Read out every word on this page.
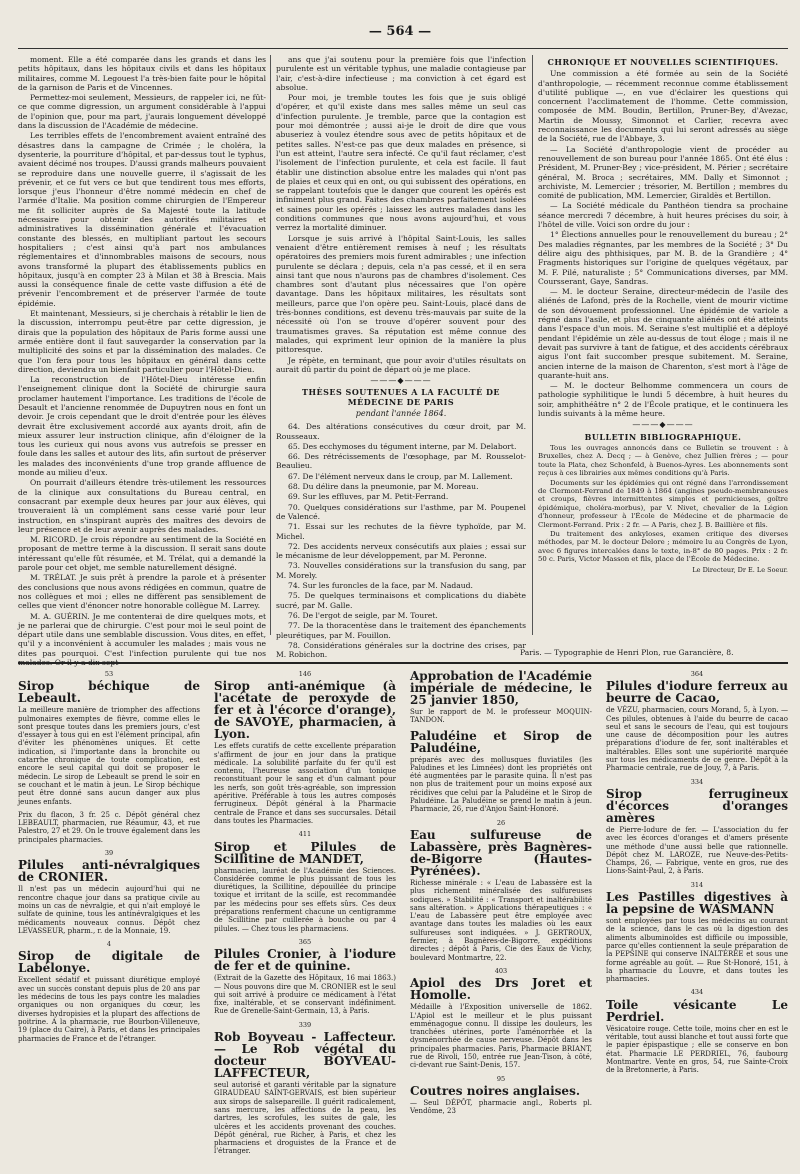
— 564 —

moment. Elle a été comparée dans les grands et dans les petits hôpitaux, dans les hôpitaux civils et dans les hôpitaux militaires, comme M. Legouest l'a très-bien faite pour le hôpital de la garnison de Paris et de Vincennes.

Permettez-moi seulement, Messieurs, de rappeler ici, ne fût-ce que comme digression, un argument considérable à l'appui de l'opinion que, pour ma part, j'aurais longuement développé dans la discussion de l'Académie de médecine.

Les terribles effets de l'encombrement avaient entraîné des désastres dans la campagne de Crimée ; le choléra, la dysenterie, la pourriture d'hôpital, et par-dessus tout le typhus, avaient décimé nos troupes. D'aussi grands malheurs pouvaient se reproduire dans une nouvelle guerre, il s'agissait de les prévenir, et ce fut vers ce but que tendirent tous mes efforts, lorsque j'eus l'honneur d'être nommé médecin en chef de l'armée d'Italie. Ma position comme chirurgien de l'Empereur me fit solliciter auprès de Sa Majesté toute la latitude nécessaire pour obtenir des autorités militaires et administratives la dissémination générale et l'évacuation constante des blessés, en multipliant partout les secours hospitaliers ; c'est ainsi qu'à part nos ambulances réglementaires et d'innombrables maisons de secours, nous avons transformé la plupart des établissements publics en hôpitaux, jusqu'à en compter 23 à Milan et 38 à Brescia. Mais aussi la conséquence finale de cette vaste diffusion a été de prévenir l'encombrement et de préserver l'armée de toute épidémie.

Et maintenant, Messieurs, si je cherchais à rétablir le lien de la discussion, interrompu peut-être par cette digression, je dirais que la population des hôpitaux de Paris forme aussi une armée entière dont il faut sauvegarder la conservation par la multiplicité des soins et par la dissémination des malades. Ce que l'on fera pour tous les hôpitaux en général dans cette direction, deviendra un bienfait particulier pour l'Hôtel-Dieu.

La reconstruction de l'Hôtel-Dieu intéresse enfin l'enseignement clinique dont la Société de chirurgie saura proclamer hautement l'importance. Les traditions de l'école de Desault et l'ancienne renommée de Dupuytren nous en font un devoir. Je crois cependant que le droit d'entrée pour les élèves devrait être exclusivement accordé aux ayants droit, afin de mieux assurer leur instruction clinique, afin d'éloigner de la tous les curieux qui nous avons vus autrefois se presser en foule dans les salles et autour des lits, afin surtout de préserver les malades des inconvénients d'une trop grande affluence de monde au milieu d'eux.

On pourrait d'ailleurs étendre très-utilement les ressources de la clinique aux consultations du Bureau central, en consacrant par exemple deux heures par jour aux élèves, qui trouveraient là un complément sans cesse varié pour leur instruction, en s'inspirant auprès des maîtres des devoirs de leur présence et de leur avenir auprès des malades.

M. RICORD. Je crois répondre au sentiment de la Société en proposant de mettre terme à la discussion. Il serait sans doute intéressant qu'elle fût résumée, et M. Trélat, qui a demandé la parole pour cet objet, me semble naturellement désigné.

M. TRÉLAT. Je suis prêt à prendre la parole et à présenter des conclusions que nous avons rédigées en commun, quatre de nos collègues et moi ; elles ne diffèrent pas sensiblement de celles que vient d'énoncer notre honorable collègue M. Larrey.

M. A. GUÉRIN. Je me contenterai de dire quelques mots, et je ne parlerai que de chirurgie. C'est pour moi le seul point de départ utile dans une semblable discussion. Vous dites, en effet, qu'il y a inconvénient à accumuler les malades ; mais vous ne dites pas pourquoi. C'est l'infection purulente qui tue nos

ans que j'ai soutenu pour la première fois que l'infection purulente est un véritable typhus, une maladie contagieuse par l'air, c'est-à-dire infectieuse ; ma conviction à cet égard est absolue.

Pour moi, je tremble toutes les fois que je suis obligé d'opérer, et qu'il existe dans mes salles même un seul cas d'infection purulente. Je tremble, parce que la contagion est pour moi démontrée ; aussi ai-je le droit de dire que vous abuseriez à voulez étendre sous avec de petits hôpitaux et de petites salles. N'est-ce pas que deux malades en présence, si l'un est atteint, l'autre sera infecté. Ce qu'il faut réclamer, c'est l'isolement de l'infection purulente, et cela est facile. Il faut établir une distinction absolue entre les malades qui n'ont pas de plaies et ceux qui en ont, ou qui subissent des opérations, en se rappelant toutefois que le danger que courent les opérés est infiniment plus grand. Faites des chambres parfaitement isolées et saines pour les opérés ; laissez les autres malades dans les conditions communes que nous avons aujourd'hui, et vous verrez la mortalité diminuer.

Lorsque je suis arrivé à l'hôpital Saint-Louis, les salles venaient d'être entièrement remises à neuf ; les résultats opératoires des premiers mois furent admirables ; une infection purulente se déclara ; depuis, cela n'a pas cessé, et il en sera ainsi tant que nous n'aurons pas de chambres d'isolement. Ces chambres sont d'autant plus nécessaires que l'on opère davantage. Dans les hôpitaux militaires, les résultats sont meilleurs, parce que l'on opère peu. Saint-Louis, placé dans de très-bonnes conditions, est devenu très-mauvais par suite de la nécessité où l'on se trouve d'opérer souvent pour des traumatismes graves. Sa réputation est même connue des malades, qui expriment leur opinion de la manière la plus pittoresque.

Je répète, en terminant, que pour avoir d'utiles résultats on aurait dû partir du point de départ où je me place.

———◆———
THÈSES SOUTENUES A LA FACULTÉ DE MÉDECINE DE PARIS
pendant l'année 1864.

64. Des altérations consécutives du cœur droit, par M. Rousseaux.

65. Des ecchymoses du tégument interne, par M. Delabort.

66. Des rétrécissements de l'œsophage, par M. Rousselot-Beaulieu.

67. De l'élément nerveux dans le croup, par M. Lallement.

68. Du délire dans la pneumonie, par M. Moreau.

69. Sur les effluves, par M. Petit-Ferrand.

70. Quelques considérations sur l'asthme, par M. Poupenel de Valencé.

71. Essai sur les rechutes de la fièvre typhoïde, par M. Michel.

72. Des accidents nerveux consécutifs aux plaies ; essai sur le mécanisme de leur développement, par M. Peronne.

73. Nouvelles considérations sur la transfusion du sang, par M. Morely.

74. Sur les furoncles de la face, par M. Nadaud.

75. De quelques terminaisons et complications du diabète sucré, par M. Galle.

76. De l'ergot de seigle, par M. Touret.

77. De la thoracentèse dans le traitement des épanchements pleurétiques, par M. Fouillon.

78. Considérations générales sur la doctrine des crises, par M. Robichon.

CHRONIQUE ET NOUVELLES SCIENTIFIQUES.

Une commission a été formée au sein de la Société d'anthropologie, — récemment reconnue comme établissement d'utilité publique —, en vue d'éclairer les questions qui concernent l'acclimatement de l'homme. Cette commission, composée de MM. Boudin, Bertillon, Pruner-Bey, d'Avezac, Martin de Moussy, Simonnot et Carlier, recevra avec reconnaissance les documents qui lui seront adressés au siège de la Société, rue de l'Abbaye, 3.

— La Société d'anthropologie vient de procéder au renouvellement de son bureau pour l'année 1865. Ont été élus : Président, M. Pruner-Bey ; vice-président, M. Périer ; secrétaire général, M. Broca ; secrétaires, MM. Dally et Simonnot ; archiviste, M. Lemercier ; trésorier, M. Bertillon ; membres du comité de publication, MM. Lemercier, Giraldès et Bertillon.

— La Société médicale du Panthéon tiendra sa prochaine séance mercredi 7 décembre, à huit heures précises du soir, à l'hôtel de ville. Voici son ordre du jour :

1° Élections annuelles pour le renouvellement du bureau ; 2° Des maladies régnantes, par les membres de la Société ; 3° Du délire aigu des phthisiques, par M. B. de la Grandière ; 4° Fragments historiques sur l'origine de quelques végétaux, par M. F. Pilé, naturaliste ; 5° Communications diverses, par MM. Coursserant, Gaye, Sandras.

— M. le docteur Seraine, directeur-médecin de l'asile des aliénés de Lafond, près de la Rochelle, vient de mourir victime de son dévouement professionnel. Une épidémie de variole a régné dans l'asile, et plus de cinquante aliénés ont été atteints dans l'espace d'un mois. M. Seraine s'est multiplié et a déployé pendant l'épidémie un zèle au-dessus de tout éloge ; mais il ne devait pas survivre à tant de fatigue, et des accidents cérébraux aigus l'ont fait succomber presque subitement. M. Seraine, ancien interne de la maison de Charenton, s'est mort à l'âge de quarante-huit ans.

— M. le docteur Belhomme commencera un cours de pathologie syphilitique le lundi 5 décembre, à huit heures du soir, amphithéâtre n° 2 de l'École pratique, et le continuera les lundis suivants à la même heure.

———◆———
BULLETIN BIBLIOGRAPHIQUE.

Tous les ouvrages annoncés dans ce Bulletin se trouvent : à Bruxelles, chez A. Decq ; — à Genève, chez Jullien frères ; — pour toute la Plata, chez Schonfeld, à Buenos-Ayres. Les abonnements sont reçus à ces librairies aux mêmes conditions qu'à Paris.

Documents sur les épidémies qui ont régné dans l'arrondissement de Clermont-Ferrand de 1849 à 1864 (angines pseudo-membraneuses et croups, fièvres intermittentes simples et pernicieuses, goître épidémique, choléra-morbus), par V. Nivet, chevalier de la Légion d'honneur, professeur à l'École de Médecine et de pharmacie de Clermont-Ferrand. Prix : 2 fr. — A Paris, chez J. B. Baillière et fils.

Du traitement des ankyloses, examen critique des diverses méthodes, par M. le docteur Delore ; mémoire lu au Congrès de Lyon, avec 6 figures intercalées dans le texte, in-8° de 80 pages. Prix : 2 fr. 50 c. Paris, Victor Masson et fils, place de l'École de Médecine.

Le Directeur, Dr E. Le Soeur.
Paris. — Typographie de Henri Plon, rue Garancière, 8.
53
Sirop béchique de Lebeault.

La meilleure manière de triompher des affections pulmonaires exemptes de fièvre, comme elles le sont presque toutes dans les premiers jours, c'est d'essayer à tous qui en est l'élément principal, afin d'éviter les phénomènes uniques. Et cette indication, si l'importante dans la bronchite ou catarrhe chronique de toute complication, est encore le seul capital qui doit se proposer le médecin. Le sirop de Lebeault se prend le soir en se couchant et le matin à jeun. Le Sirop béchique peut être donné sans aucun danger aux plus jeunes enfants.

Prix du flacon, 3 fr. 25 c. Dépôt général chez LEBEAULT, pharmacien, rue Réaumur, 43, et rue Palestro, 27 et 29. On le trouve également dans les principales pharmacies.

39
Pilules anti-névralgiques de CRONIER.

Il n'est pas un médecin aujourd'hui qui ne rencontre chaque jour dans sa pratique civile au moins un cas de névralgie, et qui n'ait employé le sulfate de quinine, tous les antinévralgiques et les médicaments nouveaux connus. Dépôt chez LEVASSEUR, pharm., r. de la Monnaie, 19.

4
Sirop de digitale de Labélonye.

Excellent sédatif et puissant diurétique employé avec un succès constant depuis plus de 20 ans par les médecins de tous les pays contre les maladies organiques ou non organiques du cœur, les diverses hydropisies et la plupart des affections de poitrine. A la pharmacie, rue Bourbon-Villeneuve, 19 (place du Caire), à Paris, et dans les principales pharmacies de France et de l'étranger.

146
Sirop anti-anémique (à l'acétate de peroxyde de fer et à l'écorce d'orange), de SAVOYE, pharmacien, à Lyon.

Les effets curatifs de cette excellente préparation s'affirment de jour en jour dans la pratique médicale. La solubilité parfaite du fer qu'il est contenu, l'heureuse association d'un tonique reconstituant pour le sang et d'un calmant pour les nerfs, son goût très-agréable, son impression apéritive. Préférable à tous les autres composés ferrugineux. Dépôt général à la Pharmacie centrale de France et dans ses succursales. Détail dans toutes les Pharmacies.

411
Sirop et Pilules de Scillitine de MANDET,

pharmacien, lauréat de l'Académie des Sciences. Considérée comme le plus puissant de tous les diurétiques, la Scillitine, dépouillée du principe toxique et irritant de la scille, est recommandée par les médecins pour ses effets sûrs. Ces deux préparations renferment chacune un centigramme de Scillitine par cuillerée à bouche ou par 4 pilules. — Chez tous les pharmaciens.

365
Pilules Cronier, à l'iodure de fer et de quinine.

(Extrait de la Gazette des Hôpitaux, 16 mai 1863.) — Nous pouvons dire que M. CRONIER est le seul qui soit arrivé à produire ce médicament à l'état fixe, inaltérable, et se conservant indéfiniment. Rue de Grenelle-Saint-Germain, 13, à Paris.

339
Rob Boyveau - Laffecteur. — Le Rob végétal du docteur BOYVEAU-LAFFECTEUR,

seul autorisé et garanti véritable par la signature GIRAUDEAU SAINT-GERVAIS, est bien supérieur aux sirops de salsepareille. Il guérit radicalement, sans mercure, les affections de la peau, les dartres, les scrofules, les suites de gale, les ulcères et les accidents provenant des couches. Dépôt général, rue Richer, à Paris, et chez les pharmaciens et droguistes de la France et de l'étranger.

Approbation de l'Académie impériale de médecine, le 25 janvier 1850,

Sur le rapport de M. le professeur MOQUIN-TANDON.

Paludéine et Sirop de Paludéine,

préparés avec des mollusques fluviatiles (les Paludines et les Limnées) dont les propriétés ont été augmentées par le parasite quina. Il n'est pas non plus de traitement pour un moins exposé aux récidives que celui par la Paludéine et le Sirop de Paludéine. La Paludéine se prend le matin à jeun. Pharmacie, 26, rue d'Anjou Saint-Honoré.

26
Eau sulfureuse de Labassère, près Bagnères-de-Bigorre (Hautes-Pyrénées).

Richesse minérale : « L'eau de Labassère est la plus richement minéralisée des sulfureuses sodiques. » Stabilité : « Transport et inaltérabilité sans altération. » Applications thérapeutiques : « L'eau de Labassère peut être employée avec avantage dans toutes les maladies où les eaux sulfureuses sont indiquées. » J. GERTROUX, fermier, à Bagnères-de-Bigorre, expéditions directes ; dépôt à Paris, Cie des Eaux de Vichy, boulevard Montmartre, 22.

403
Apiol des Drs Joret et Homolle.

Médaille à l'Exposition universelle de 1862. L'Apiol est le meilleur et le plus puissant emménagogue connu. Il dissipe les douleurs, les tranchées utérines, porte l'aménorrhée et la dysménorrhée de cause nerveuse. Dépôt dans les principales pharmacies. Paris, Pharmacie BRIANT, rue de Rivoli, 150, entrée rue Jean-Tison, à côté, ci-devant rue Saint-Denis, 157.

95
Coutres noires anglaises.

— Seul DÉPÔT, pharmacie angl., Roberts pl. Vendôme, 23

364
Pilules d'iodure ferreux au beurre de Cacao,

de VÉZU, pharmacien, cours Morand, 5, à Lyon. — Ces pilules, obtenues à l'aide du beurre de cacao seul et sans le secours de l'eau, qui est toujours une cause de décomposition pour les autres préparations d'iodure de fer, sont inaltérables et inaltérables. Elles sont une supériorité marquée sur tous les médicaments de ce genre. Dépôt à la Pharmacie centrale, rue de Jouy, 7, à Paris.

334
Sirop ferrugineux d'écorces d'oranges amères

de Pierre-Iodure de fer. — L'association du fer avec les écorces d'oranges et d'amers présente une méthode d'une aussi belle que rationnelle. Dépôt chez M. LAROZE, rue Neuve-des-Petits-Champs, 26, — Fabrique, vente en gros, rue des Lions-Saint-Paul, 2, à Paris.

314
Les Pastilles digestives à la pepsine de WASMANN

sont employées par tous les médecins au courant de la science, dans le cas où la digestion des aliments albuminoïdes est difficile ou impossible, parce qu'elles contiennent la seule préparation de la PEPSINE qui conserve INALTÉRÉE et sous une forme agréable au goût. — Rue St-Honoré, 151, à la pharmacie du Louvre, et dans toutes les pharmacies.

434
Toile vésicante Le Perdriel.

Vésicatoire rouge. Cette toile, moins cher en est le véritable, tout aussi blanche et tout aussi forte que le papier épispastique ; elle se conserve en bon état. Pharmacie LE PERDRIEL, 76, faubourg Montmartre. Vente en gros, 54, rue Sainte-Croix de la Bretonnerie, à Paris.
